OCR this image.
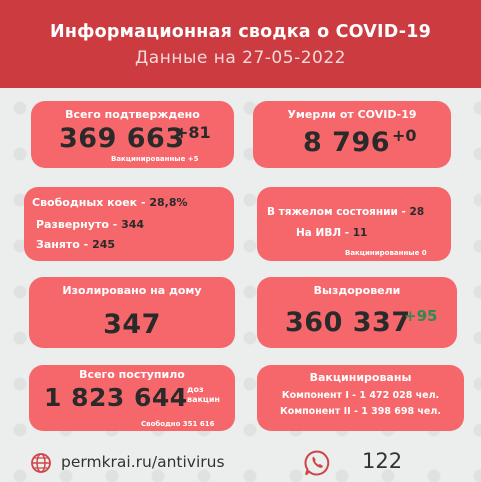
Информационная сводка о COVID-19
Данные на 27-05-2022
Всего подтверждено
369 663
+81
Вакцинированные +5
Умерли от COVID-19
8 796 +0
Свободных коек - 28,8%
Развернуто - 344
Занято - 245
В тяжелом состоянии - 28
На ИВЛ - 11
Вакцинированные 0
Изолировано на дому
347
Выздоровели
360 337
+95
Всего поступило
1 823 644 доз
вакцин
Свободно 351 616
Вакцинированы
Компонент I - 1 472 028 чел.
Компонент II - 1 398 698 чел.
permkrai.ru/antivirus	122
